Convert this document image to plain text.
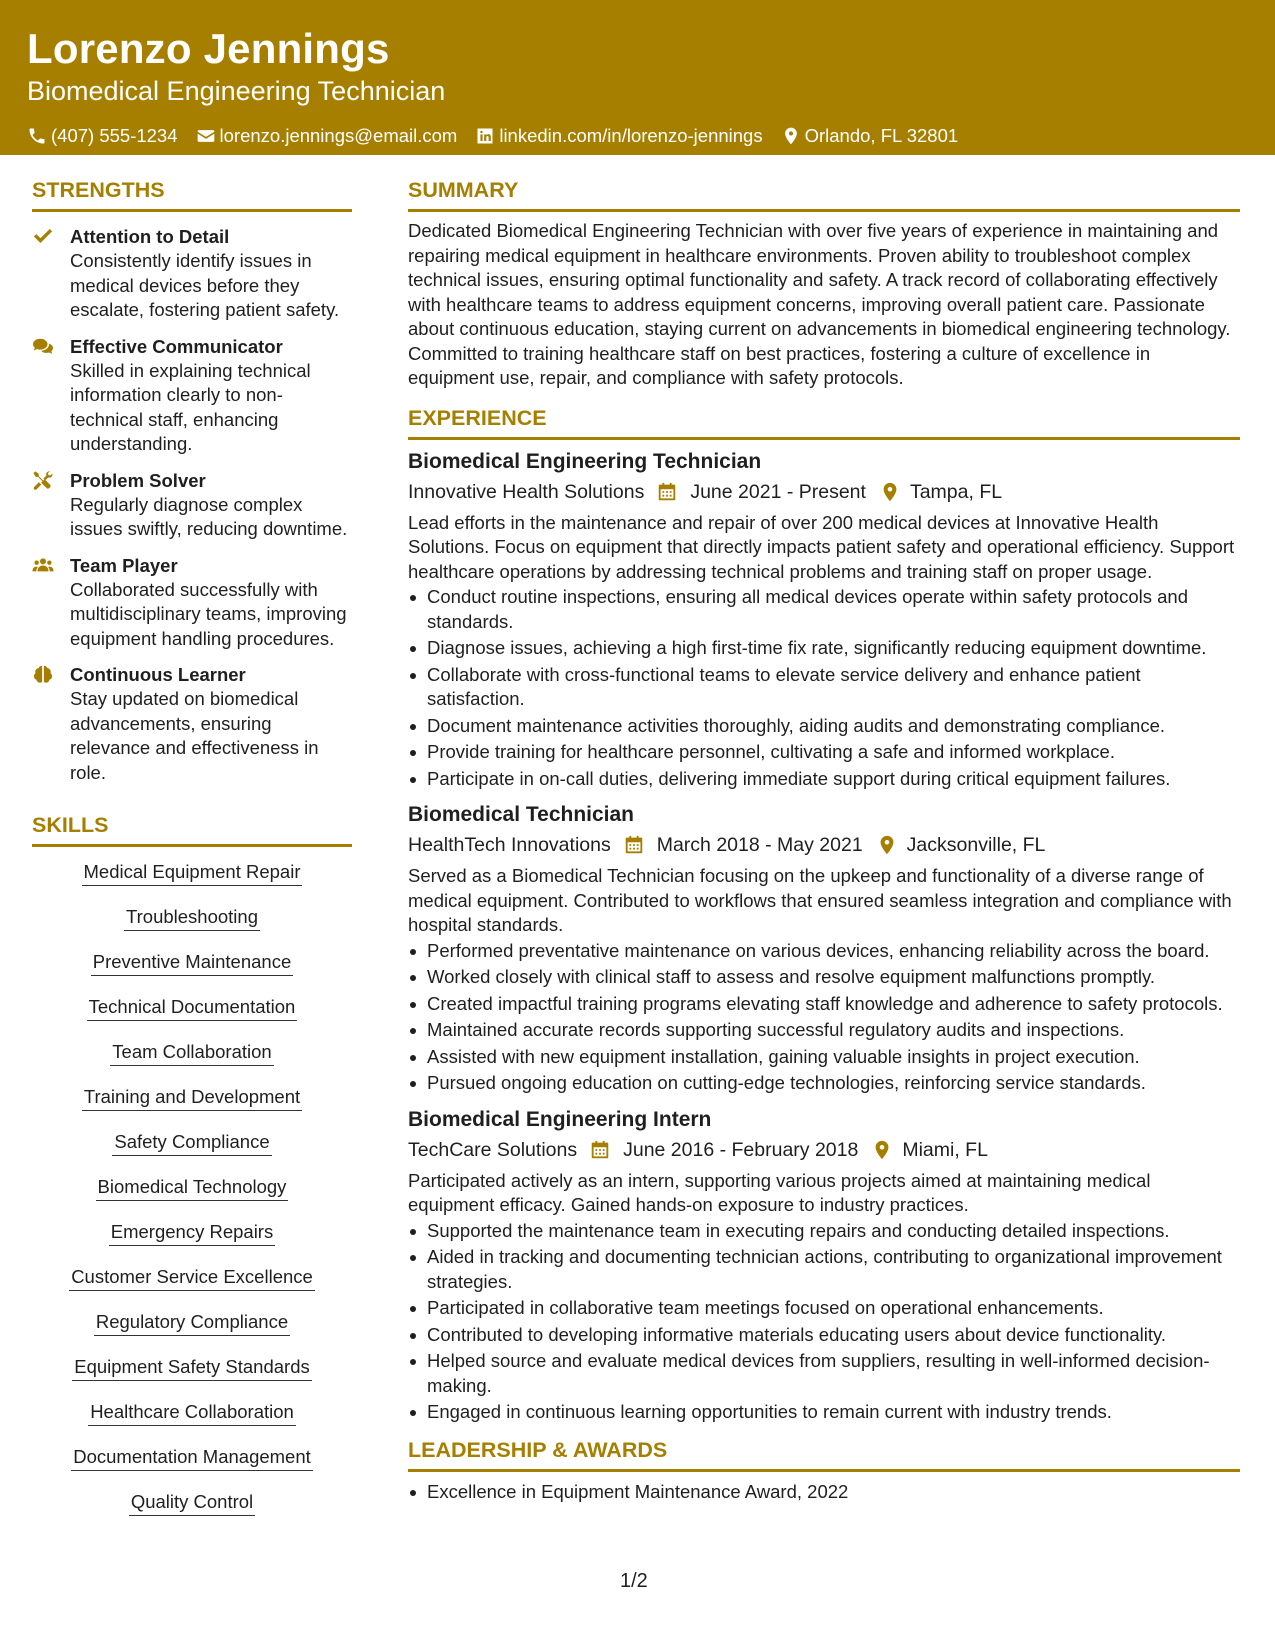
Lorenzo Jennings
Biomedical Engineering Technician
(407) 555-1234 lorenzo.jennings@email.com linkedin.com/in/lorenzo-jennings Orlando, FL 32801
STRENGTHS
Attention to Detail
Consistently identify issues in medical devices before they escalate, fostering patient safety.
Effective Communicator
Skilled in explaining technical information clearly to non-technical staff, enhancing understanding.
Problem Solver
Regularly diagnose complex issues swiftly, reducing downtime.
Team Player
Collaborated successfully with multidisciplinary teams, improving equipment handling procedures.
Continuous Learner
Stay updated on biomedical advancements, ensuring relevance and effectiveness in role.
SKILLS
Medical Equipment Repair
Troubleshooting
Preventive Maintenance
Technical Documentation
Team Collaboration
Training and Development
Safety Compliance
Biomedical Technology
Emergency Repairs
Customer Service Excellence
Regulatory Compliance
Equipment Safety Standards
Healthcare Collaboration
Documentation Management
Quality Control
SUMMARY
Dedicated Biomedical Engineering Technician with over five years of experience in maintaining and repairing medical equipment in healthcare environments. Proven ability to troubleshoot complex technical issues, ensuring optimal functionality and safety. A track record of collaborating effectively with healthcare teams to address equipment concerns, improving overall patient care. Passionate about continuous education, staying current on advancements in biomedical engineering technology. Committed to training healthcare staff on best practices, fostering a culture of excellence in equipment use, repair, and compliance with safety protocols.
EXPERIENCE
Biomedical Engineering Technician
Innovative Health Solutions June 2021 - Present Tampa, FL
Lead efforts in the maintenance and repair of over 200 medical devices at Innovative Health Solutions. Focus on equipment that directly impacts patient safety and operational efficiency. Support healthcare operations by addressing technical problems and training staff on proper usage.
Conduct routine inspections, ensuring all medical devices operate within safety protocols and standards.
Diagnose issues, achieving a high first-time fix rate, significantly reducing equipment downtime.
Collaborate with cross-functional teams to elevate service delivery and enhance patient satisfaction.
Document maintenance activities thoroughly, aiding audits and demonstrating compliance.
Provide training for healthcare personnel, cultivating a safe and informed workplace.
Participate in on-call duties, delivering immediate support during critical equipment failures.
Biomedical Technician
HealthTech Innovations March 2018 - May 2021 Jacksonville, FL
Served as a Biomedical Technician focusing on the upkeep and functionality of a diverse range of medical equipment. Contributed to workflows that ensured seamless integration and compliance with hospital standards.
Performed preventative maintenance on various devices, enhancing reliability across the board.
Worked closely with clinical staff to assess and resolve equipment malfunctions promptly.
Created impactful training programs elevating staff knowledge and adherence to safety protocols.
Maintained accurate records supporting successful regulatory audits and inspections.
Assisted with new equipment installation, gaining valuable insights in project execution.
Pursued ongoing education on cutting-edge technologies, reinforcing service standards.
Biomedical Engineering Intern
TechCare Solutions June 2016 - February 2018 Miami, FL
Participated actively as an intern, supporting various projects aimed at maintaining medical equipment efficacy. Gained hands-on exposure to industry practices.
Supported the maintenance team in executing repairs and conducting detailed inspections.
Aided in tracking and documenting technician actions, contributing to organizational improvement strategies.
Participated in collaborative team meetings focused on operational enhancements.
Contributed to developing informative materials educating users about device functionality.
Helped source and evaluate medical devices from suppliers, resulting in well-informed decision-making.
Engaged in continuous learning opportunities to remain current with industry trends.
LEADERSHIP & AWARDS
Excellence in Equipment Maintenance Award, 2022
1/2
